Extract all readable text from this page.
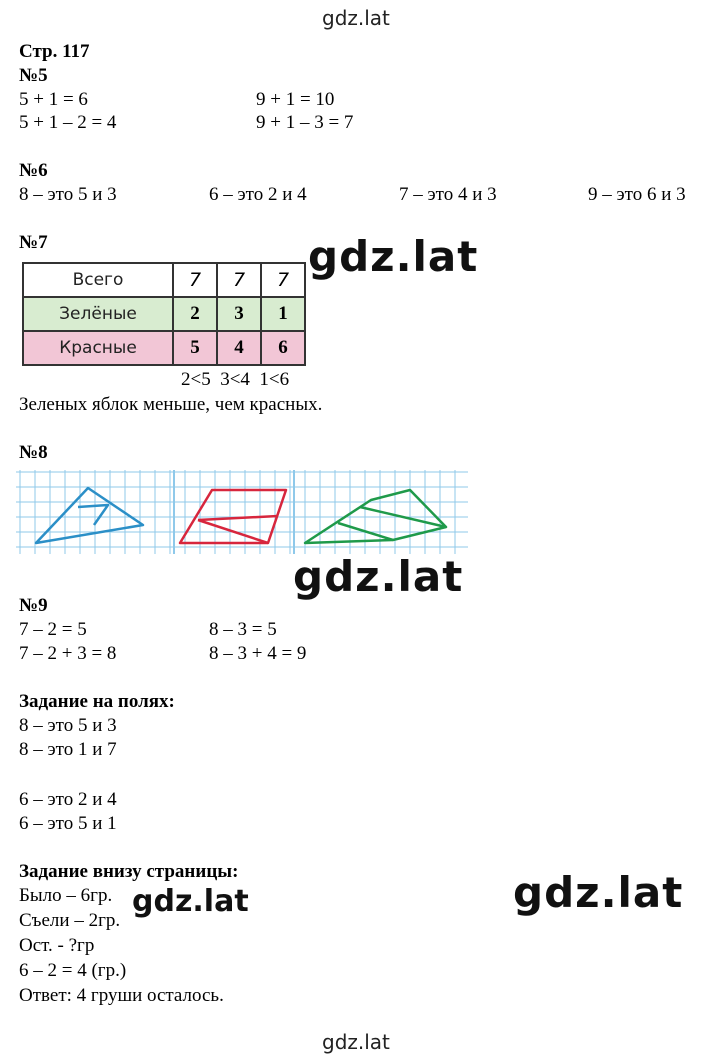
gdz.lat
gdz.lat
Стр. 117
№5
5 + 1 = 6
5 + 1 – 2 = 4
9 + 1 = 10
9 + 1 – 3 = 7
№6
8 – это 5 и 3	6 – это 2 и 4	7 – это 4 и 3	9 – это 6 и 3
№7	gdz.lat
Всего	7	7	7
Зелёные	2	3	1
Красные	5	4	6
2<5  3<4  1<6
Зеленых яблок меньше, чем красных.
№8
gdz.lat
№9
7 – 2 = 5
7 – 2 + 3 = 8
8 – 3 = 5
8 – 3 + 4 = 9
Задание на полях:
8 – это 5 и 3
8 – это 1 и 7
6 – это 2 и 4
6 – это 5 и 1
Задание внизу страницы:
Было – 6гр.
Съели – 2гр.
Ост. - ?гр
6 – 2 = 4 (гр.)
Ответ: 4 груши осталось.
gdz.lat	gdz.lat
